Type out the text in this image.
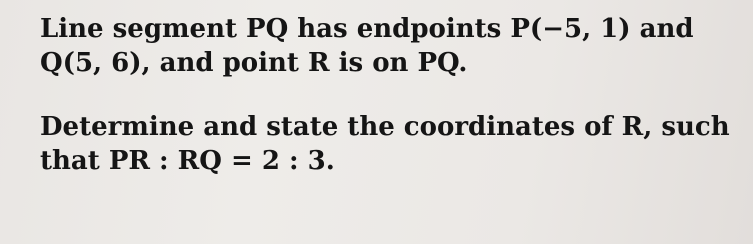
Line segment PQ has endpoints P(−5, 1) and
Q(5, 6), and point R is on PQ.
Determine and state the coordinates of R, such
that PR : RQ = 2 : 3.
